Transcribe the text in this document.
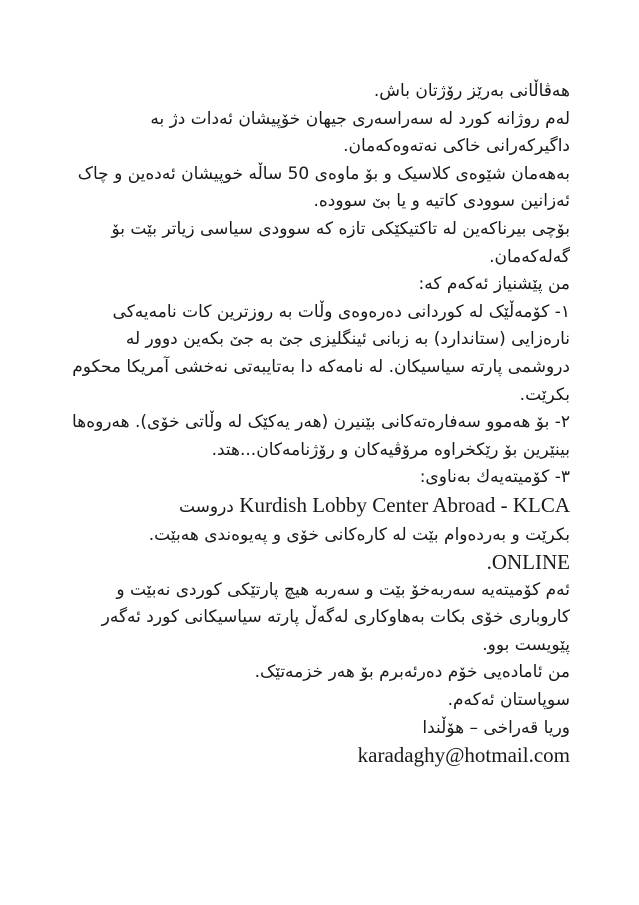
هەڤاڵانی بەرێز رۆژتان باش.

لەم روژانە کورد لە سەراسەری جیهان خۆپیشان ئەدات دژ بە داگیرکەرانی خاکی نەتەوەکەمان.

بەهەمان شێوەی کلاسیک و بۆ ماوەی 50 ساڵە خوپیشان ئەدەین و چاک ئەزانین سوودی کاتیە و یا بێ سوودە.

بۆچی بیرناکەین لە تاکتیکێکی تازە کە سوودی سیاسی زیاتر بێت بۆ گەلەکەمان.

من پێشنیاز ئەکەم کە:

١- کۆمەڵێک لە کوردانی دەرەوەی وڵات بە روزترین کات نامەیەکی نارەزایی (ستاندارد) بە زبانی ئینگلیزی جێ بە جێ بکەین دوور لە دروشمی پارتە سیاسیکان. لە نامەکە دا بەتایبەتی نەخشی آمریکا محکوم بکرێت.

٢- بۆ هەموو سەفارەتەکانی بێنیرن (هەر یەکێک لە وڵاتی خۆی). هەروەها بینێرین بۆ رێکخراوە مرۆڤیەکان و رۆژنامەکان...هتد.

٣- کۆمیتەیەك بەناوی:

Kurdish Lobby Center Abroad - KLCA دروست

بکرێت و بەردەوام بێت لە کارەکانی خۆی و پەیوەندی هەبێت.

ONLINE.

ئەم کۆمیتەیە سەربەخۆ بێت و سەربە هیچ پارتێکی کوردی نەبێت و کاروباری خۆی بکات بەهاوکاری لەگەڵ پارتە سیاسیکانی کورد ئەگەر پێویست بوو.

من ئامادەیی خۆم دەرئەبرم بۆ هەر خزمەتێک.

سوپاستان ئەکەم.

وریا قەراخی – هۆڵندا

karadaghy@hotmail.com
